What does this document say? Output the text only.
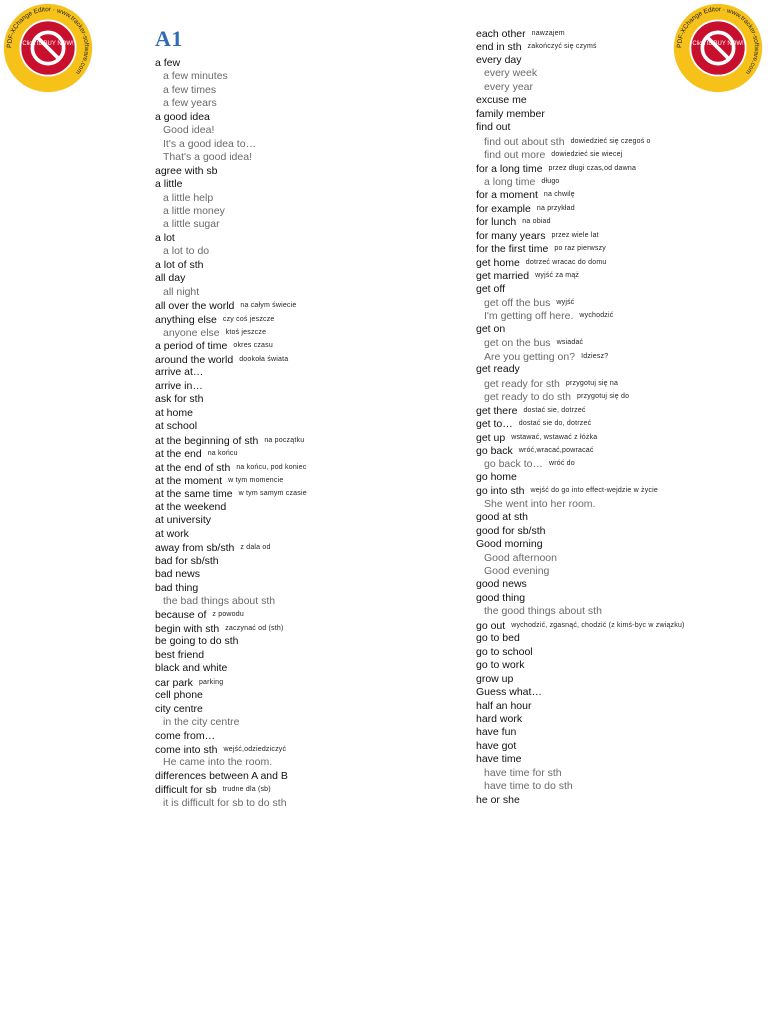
Click to BUY NOW!
PDF-XChange Editor · www.tracker-software.com
Click to BUY NOW!
PDF-XChange Editor · www.tracker-software.com
A1
a few
a few minutes
a few times
a few years
a good idea
Good idea!
It's a good idea to…
That's a good idea!
agree with sb
a little
a little help
a little money
a little sugar
a lot
a lot to do
a lot of sth
all day
all night
all over the world na całym świecie
anything else czy coś jeszcze
anyone else ktoś jeszcze
a period of time okres czasu
around the world dookoła świata
arrive at…
arrive in…
ask for sth
at home
at school
at the beginning of sth na początku
at the end na końcu
at the end of sth na końcu, pod koniec
at the moment w tym momencie
at the same time w tym samym czasie
at the weekend
at university
at work
away from sb/sth z dala od
bad for sb/sth
bad news
bad thing
the bad things about sth
because of z powodu
begin with sth zaczynać od (sth)
be going to do sth
best friend
black and white
car park parking
cell phone
city centre
in the city centre
come from…
come into sth wejść,odziedziczyć
He came into the room.
differences between A and B
difficult for sb trudne dla (sb)
it is difficult for sb to do sth
each other nawzajem
end in sth zakończyć się czymś
every day
every week
every year
excuse me
family member
find out
find out about sth dowiedzieć się czegoś o
find out more dowiedzieć sie wiecej
for a long time przez długi czas,od dawna
a long time długo
for a moment na chwilę
for example na przykład
for lunch na obiad
for many years przez wiele lat
for the first time po raz pierwszy
get home dotrzeć wracac do domu
get married wyjść za mąż
get off
get off the bus wyjść
I'm getting off here. wychodzić
get on
get on the bus wsiadać
Are you getting on? Idziesz?
get ready
get ready for sth przygotuj się na
get ready to do sth przygotuj się do
get there dostać sie, dotrzeć
get to… dostać sie do, dotrzeć
get up wstawać, wstawać z łóżka
go back wróć,wracać,powracać
go back to… wróć do
go home
go into sth wejść do go into effect-wejdzie w życie
She went into her room.
good at sth
good for sb/sth
Good morning
Good afternoon
Good evening
good news
good thing
the good things about sth
go out wychodzić, zgasnąć, chodzić (z kimś-byc w związku)
go to bed
go to school
go to work
grow up
Guess what…
half an hour
hard work
have fun
have got
have time
have time for sth
have time to do sth
he or she
